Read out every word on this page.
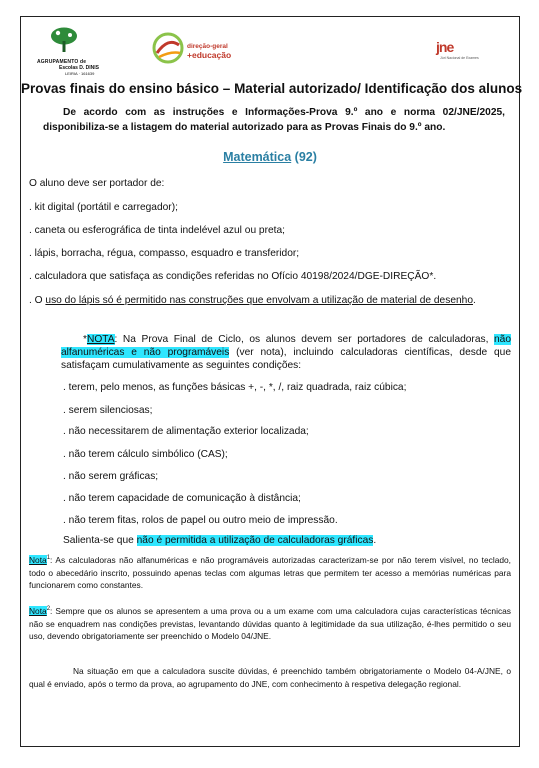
AGRUPAMENTO de
Escolas D. DINIS
LEIRIA · 161639
direção-geral
+educação	jne
Júri Nacional de Exames
Provas finais do ensino básico – Material autorizado/ Identificação dos alunos
De acordo com as instruções e Informações-Prova 9.º ano e norma 02/JNE/2025, disponibiliza-se a listagem do material autorizado para as Provas Finais do 9.º ano.
Matemática (92)
O aluno deve ser portador de:
. kit digital (portátil e carregador);
. caneta ou esferográfica de tinta indelével azul ou preta;
. lápis, borracha, régua, compasso, esquadro e transferidor;
. calculadora que satisfaça as condições referidas no Ofício 40198/2024/DGE-DIREÇÃO*.
. O uso do lápis só é permitido nas construções que envolvam a utilização de material de desenho.
*NOTA: Na Prova Final de Ciclo, os alunos devem ser portadores de calculadoras, não alfanuméricas e não programáveis (ver nota), incluindo calculadoras científicas, desde que satisfaçam cumulativamente as seguintes condições:
. terem, pelo menos, as funções básicas +, -, *, /, raiz quadrada, raiz cúbica;
. serem silenciosas;
. não necessitarem de alimentação exterior localizada;
. não terem cálculo simbólico (CAS);
. não serem gráficas;
. não terem capacidade de comunicação à distância;
. não terem fitas, rolos de papel ou outro meio de impressão.
Salienta-se que não é permitida a utilização de calculadoras gráficas.
Nota$^1$: As calculadoras não alfanuméricas e não programáveis autorizadas caracterizam-se por não terem visível, no teclado, todo o abecedário inscrito, possuindo apenas teclas com algumas letras que permitem ter acesso a memórias numéricas para funcionarem como constantes.
Nota$^2$: Sempre que os alunos se apresentem a uma prova ou a um exame com uma calculadora cujas características técnicas não se enquadrem nas condições previstas, levantando dúvidas quanto à legitimidade da sua utilização, é-lhes permitido o seu uso, devendo obrigatoriamente ser preenchido o Modelo 04/JNE.
Na situação em que a calculadora suscite dúvidas, é preenchido também obrigatoriamente o Modelo 04-A/JNE, o qual é enviado, após o termo da prova, ao agrupamento do JNE, com conhecimento à respetiva delegação regional.
